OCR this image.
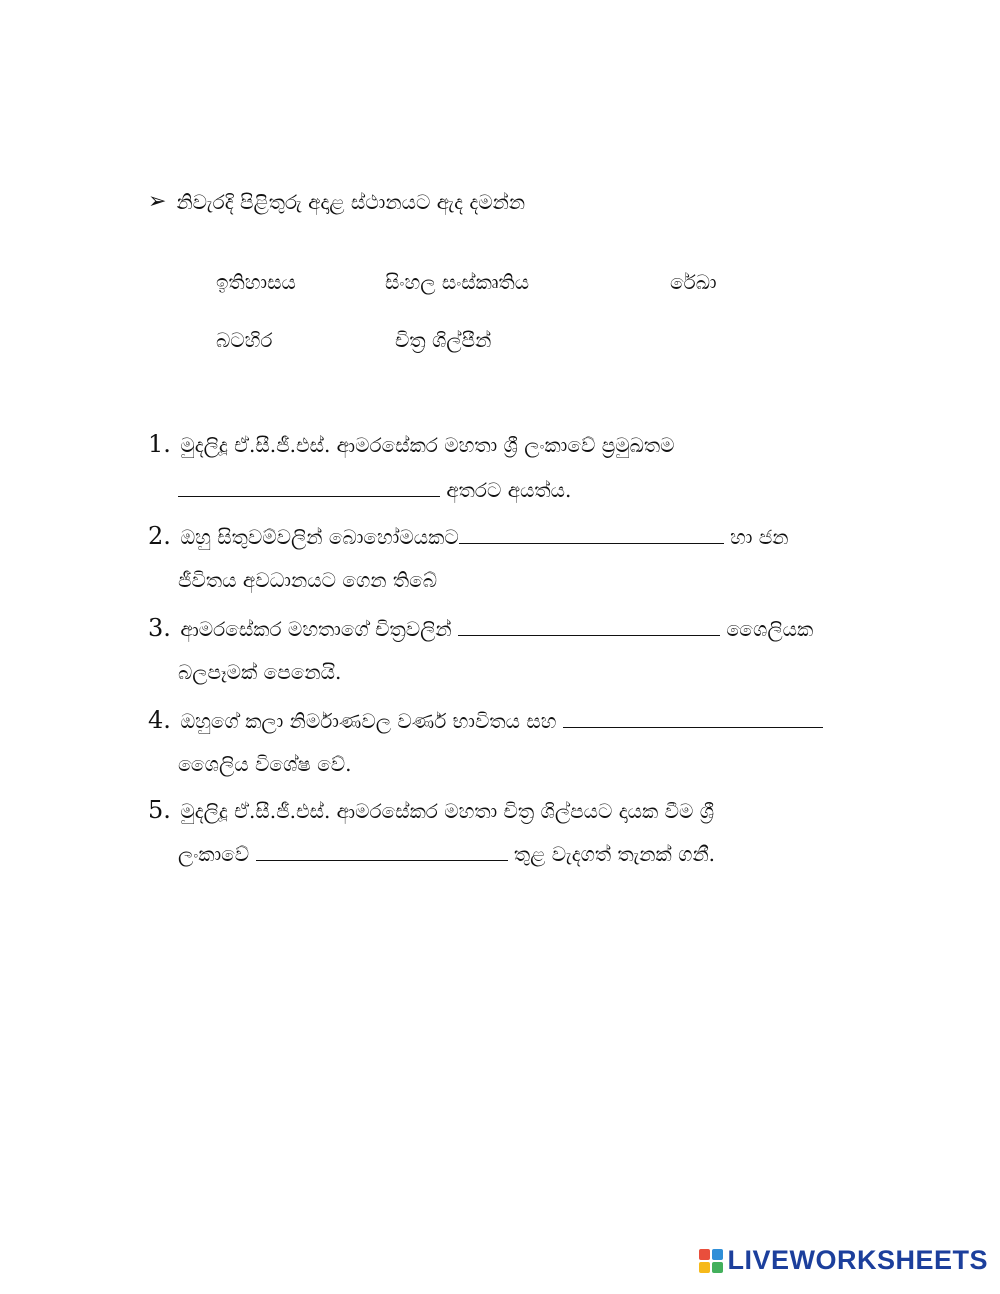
➢ නිවැරදි පිළිතුරු අදාළ ස්ථානයට ඇද දමන්න
ඉතිහාසය	සිංහල සංස්කෘතිය	රේඛා
බටහිර	චිත්‍ර ශිල්පීන්
1. මුදලිදූ ඒ.සී.ජී.එස්. ආමරසේකර මහතා ශ්‍රී ලංකාවේ ප්‍රමුඛතම
අතරට අයත්ය.
2. ඔහු සිතුවම්වලින් බොහෝමයකට	හා ජන
ජීවිතය අවධානයට ගෙන තිබේ
3. ආමරසේකර මහතාගේ චිත්‍රවලින්	ශෛලියක
බලපෑමක් පෙනෙයි.
4. ඔහුගේ කලා නිර්මාණවල වර්ණ භාවිතය සහ
ශෛලිය විශේෂ වේ.
5. මුදලිදූ ඒ.සී.ජී.එස්. ආමරසේකර මහතා චිත්‍ර ශිල්පයට දායක වීම ශ්‍රී
ලංකාවේ	තුළ වැදගත් තැනක් ගනී.
LIVEWORKSHEETS
